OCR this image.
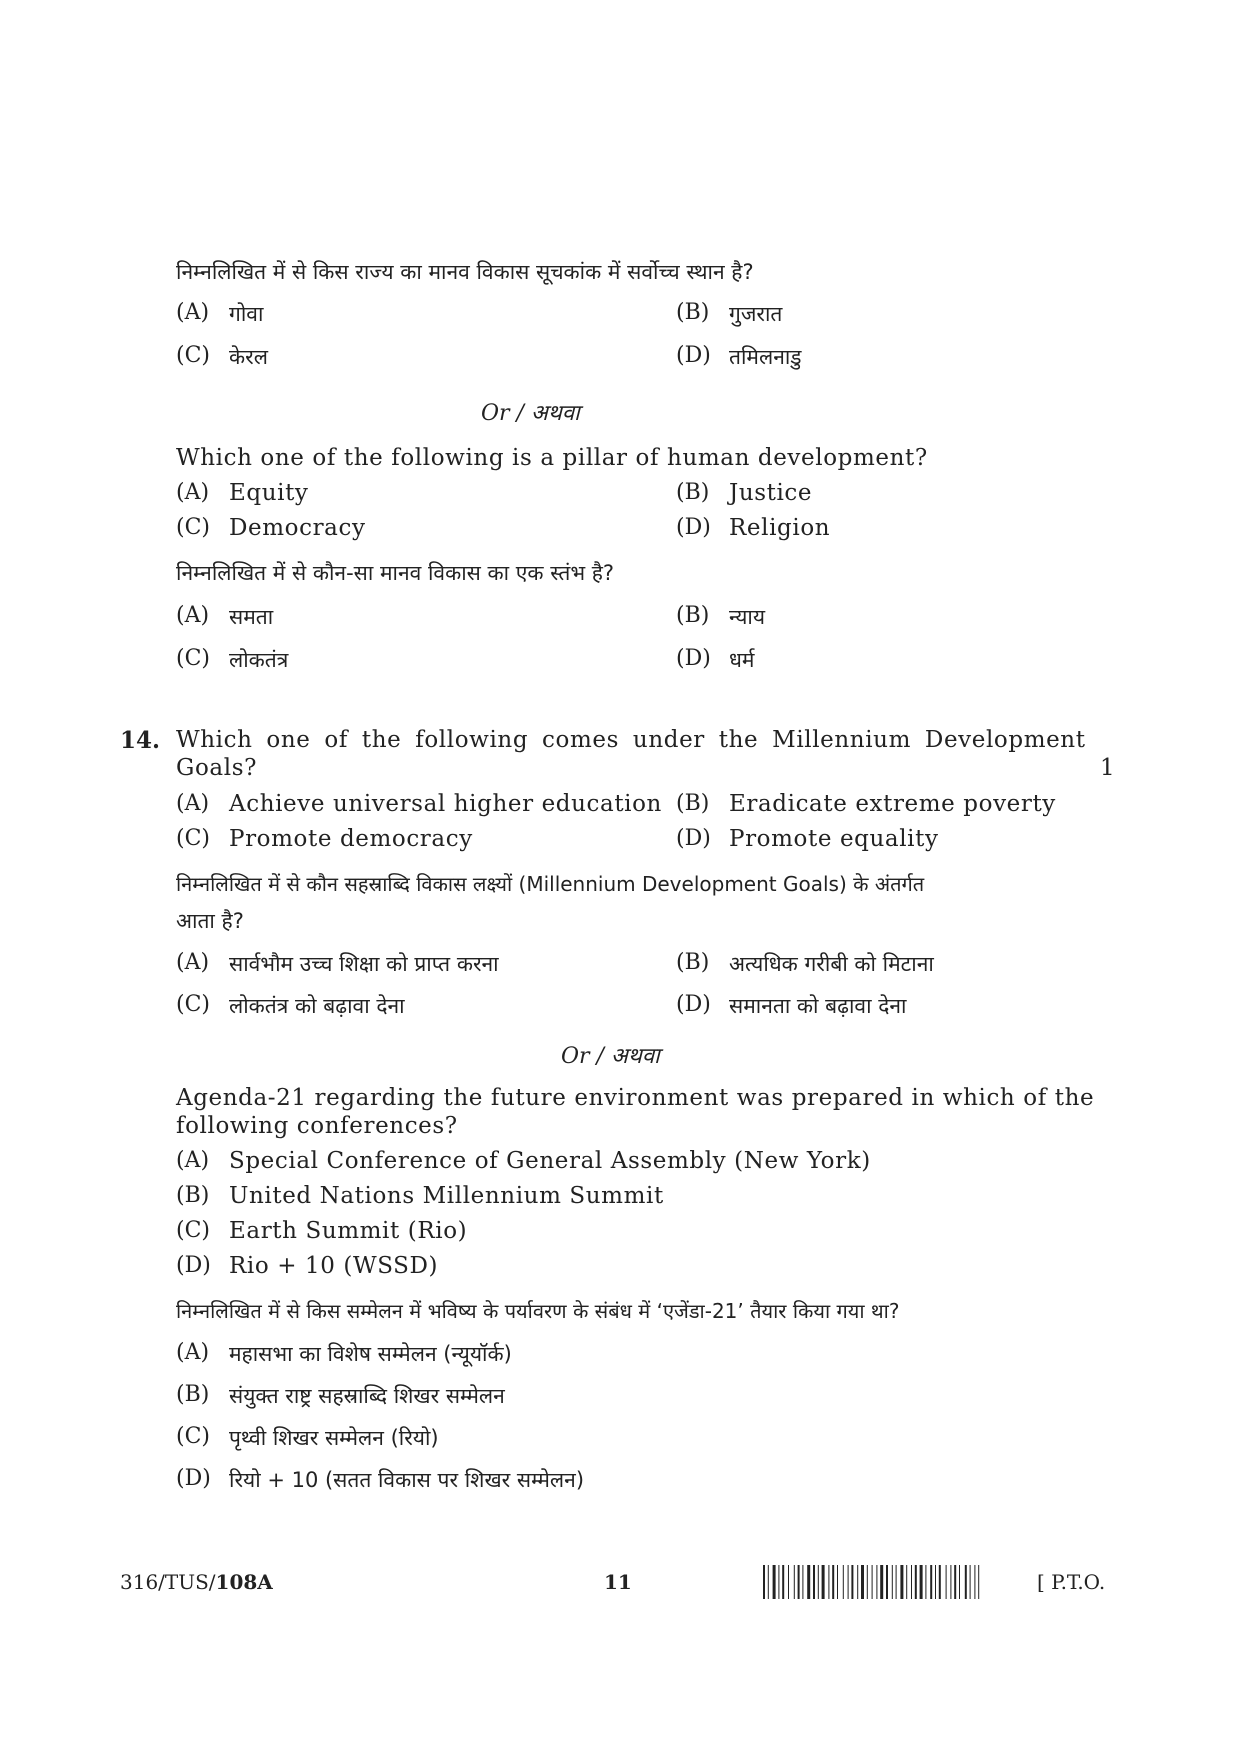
निम्नलिखित में से किस राज्य का मानव विकास सूचकांक में सर्वोच्च स्थान है?
(A) गोवा	(B) गुजरात
(C) केरल	(D) तमिलनाडु
Or / अथवा
Which one of the following is a pillar of human development?
(A) Equity	(B) Justice
(C) Democracy	(D) Religion
निम्नलिखित में से कौन-सा मानव विकास का एक स्तंभ है?
(A) समता	(B) न्याय
(C) लोकतंत्र	(D) धर्म
14. Which one of the following comes under the Millennium Development
Goals?	1
(A) Achieve universal higher education (B) Eradicate extreme poverty
(C) Promote democracy	(D) Promote equality
निम्नलिखित में से कौन सहस्राब्दि विकास लक्ष्यों (Millennium Development Goals) के अंतर्गत
आता है?
(A) सार्वभौम उच्च शिक्षा को प्राप्त करना	(B) अत्यधिक गरीबी को मिटाना
(C) लोकतंत्र को बढ़ावा देना	(D) समानता को बढ़ावा देना
Or / अथवा
Agenda-21 regarding the future environment was prepared in which of the
following conferences?
(A) Special Conference of General Assembly (New York)
(B) United Nations Millennium Summit
(C) Earth Summit (Rio)
(D) Rio + 10 (WSSD)
निम्नलिखित में से किस सम्मेलन में भविष्य के पर्यावरण के संबंध में ‘एजेंडा-21’ तैयार किया गया था?
(A) महासभा का विशेष सम्मेलन (न्यूयॉर्क)
(B) संयुक्त राष्ट्र सहस्राब्दि शिखर सम्मेलन
(C) पृथ्वी शिखर सम्मेलन (रियो)
(D) रियो + 10 (सतत विकास पर शिखर सम्मेलन)
316/TUS/108A	11	[ P.T.O.
